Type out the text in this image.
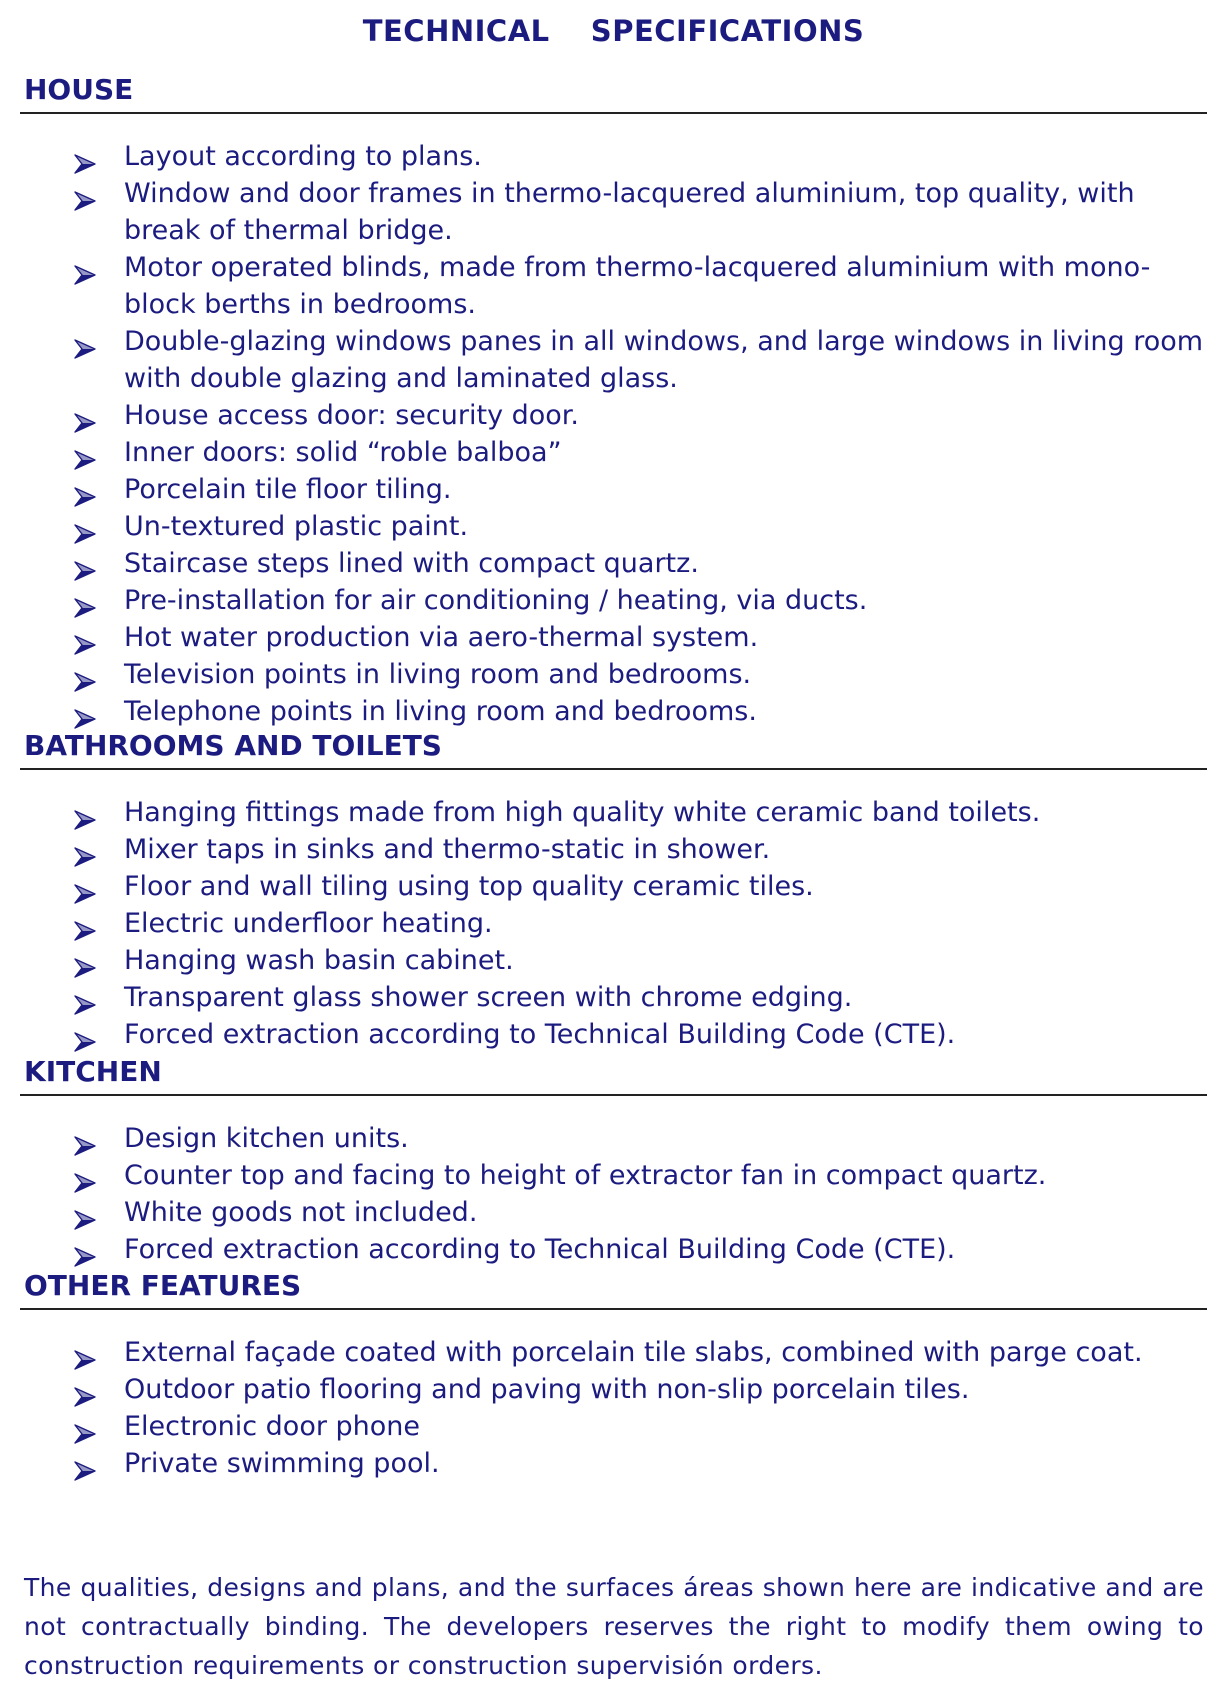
TECHNICAL  SPECIFICATIONS
HOUSE
Layout according to plans.
Window and door frames in thermo-lacquered aluminium, top quality, with break of thermal bridge.
Motor operated blinds, made from thermo-lacquered aluminium with mono-block berths in bedrooms.
Double-glazing windows panes in all windows, and large windows in living room with double glazing and laminated glass.
House access door: security door.
Inner doors: solid “roble balboa”
Porcelain tile floor tiling.
Un-textured plastic paint.
Staircase steps lined with compact quartz.
Pre-installation for air conditioning / heating, via ducts.
Hot water production via aero-thermal system.
Television points in living room and bedrooms.
Telephone points in living room and bedrooms.
BATHROOMS AND TOILETS
Hanging fittings made from high quality white ceramic band toilets.
Mixer taps in sinks and thermo-static in shower.
Floor and wall tiling using top quality ceramic tiles.
Electric underfloor heating.
Hanging wash basin cabinet.
Transparent glass shower screen with chrome edging.
Forced extraction according to Technical Building Code (CTE).
KITCHEN
Design kitchen units.
Counter top and facing to height of extractor fan in compact quartz.
White goods not included.
Forced extraction according to Technical Building Code (CTE).
OTHER FEATURES
External façade coated with porcelain tile slabs, combined with parge coat.
Outdoor patio flooring and paving with non-slip porcelain tiles.
Electronic door phone
Private swimming pool.

The qualities, designs and plans, and the surfaces áreas shown here are indicative and are not contractually binding. The developers reserves the right to modify them owing to construction requirements or construction supervisión orders.
